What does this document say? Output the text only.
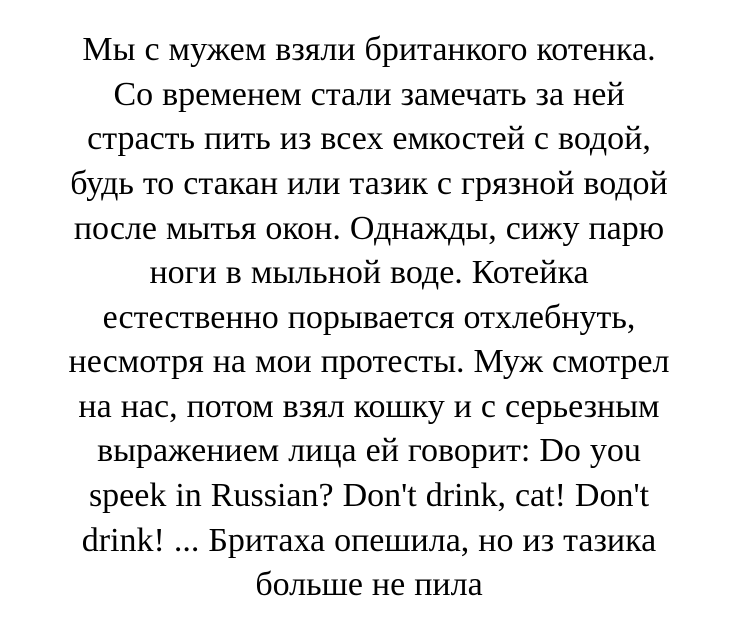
Мы с мужем взяли британкого котенка.
Со временем стали замечать за ней
страсть пить из всех емкостей с водой,
будь то стакан или тазик с грязной водой
после мытья окон. Однажды, сижу парю
ноги в мыльной воде. Котейка
естественно порывается отхлебнуть,
несмотря на мои протесты. Муж смотрел
на нас, потом взял кошку и с серьезным
выражением лица ей говорит: Do you
speek in Russian? Don't drink, cat! Don't
drink! ... Бритаха опешила, но из тазика
больше не пила
